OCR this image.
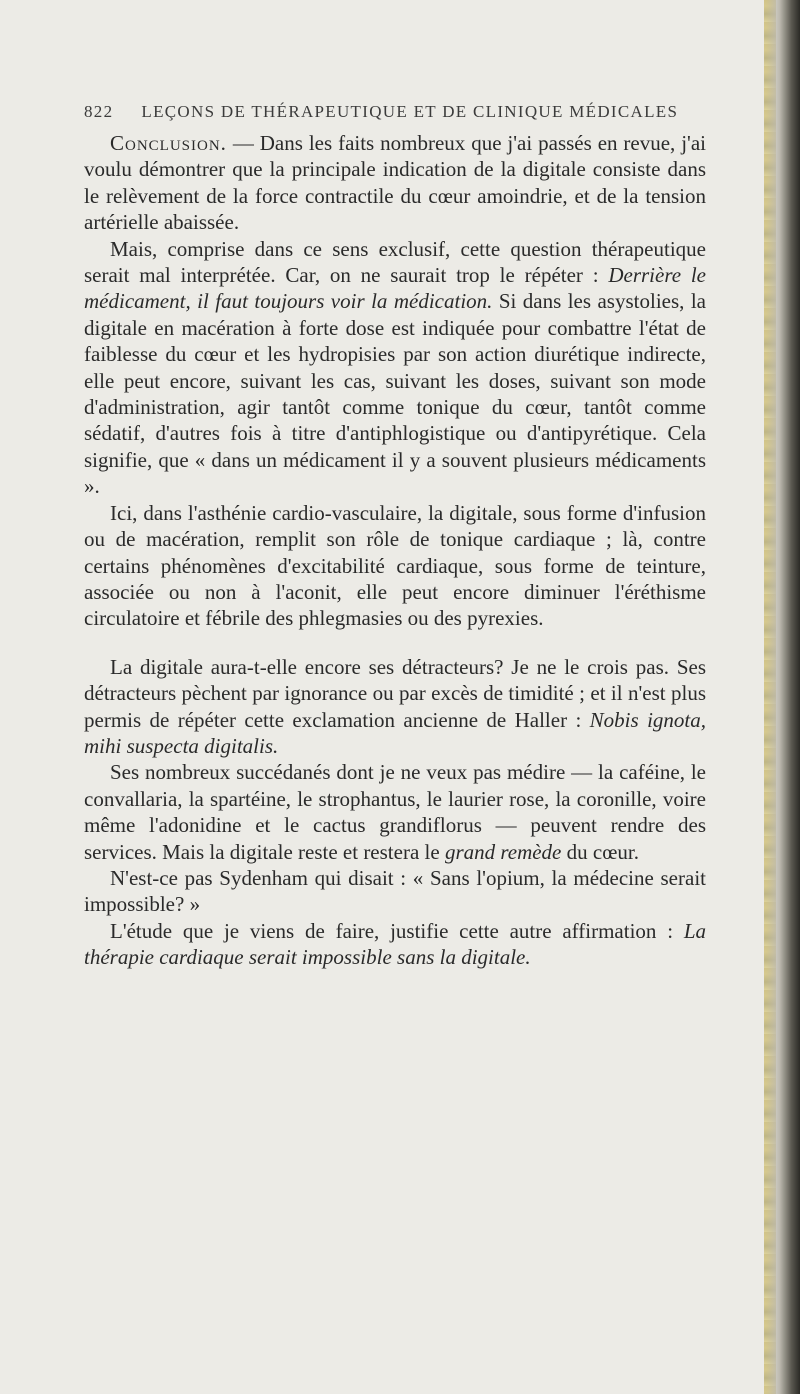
822 LEÇONS DE THÉRAPEUTIQUE ET DE CLINIQUE MÉDICALES

Conclusion. — Dans les faits nombreux que j'ai passés en revue, j'ai voulu démontrer que la principale indication de la digitale consiste dans le relèvement de la force contractile du cœur amoindrie, et de la tension artérielle abaissée.

Mais, comprise dans ce sens exclusif, cette question thérapeutique serait mal interprétée. Car, on ne saurait trop le répéter : Derrière le médicament, il faut toujours voir la médication. Si dans les asystolies, la digitale en macération à forte dose est indiquée pour combattre l'état de faiblesse du cœur et les hydropisies par son action diurétique indirecte, elle peut encore, suivant les cas, suivant les doses, suivant son mode d'administration, agir tantôt comme tonique du cœur, tantôt comme sédatif, d'autres fois à titre d'antiphlogistique ou d'antipyrétique. Cela signifie, que « dans un médicament il y a souvent plusieurs médicaments ».

Ici, dans l'asthénie cardio-vasculaire, la digitale, sous forme d'infusion ou de macération, remplit son rôle de tonique cardiaque ; là, contre certains phénomènes d'excitabilité cardiaque, sous forme de teinture, associée ou non à l'aconit, elle peut encore diminuer l'éréthisme circulatoire et fébrile des phlegmasies ou des pyrexies.

La digitale aura-t-elle encore ses détracteurs? Je ne le crois pas. Ses détracteurs pèchent par ignorance ou par excès de timidité ; et il n'est plus permis de répéter cette exclamation ancienne de Haller : Nobis ignota, mihi suspecta digitalis.

Ses nombreux succédanés dont je ne veux pas médire — la caféine, le convallaria, la spartéine, le strophantus, le laurier rose, la coronille, voire même l'adonidine et le cactus grandiflorus — peuvent rendre des services. Mais la digitale reste et restera le grand remède du cœur.

N'est-ce pas Sydenham qui disait : « Sans l'opium, la médecine serait impossible? »

L'étude que je viens de faire, justifie cette autre affirmation : La thérapie cardiaque serait impossible sans la digitale.
